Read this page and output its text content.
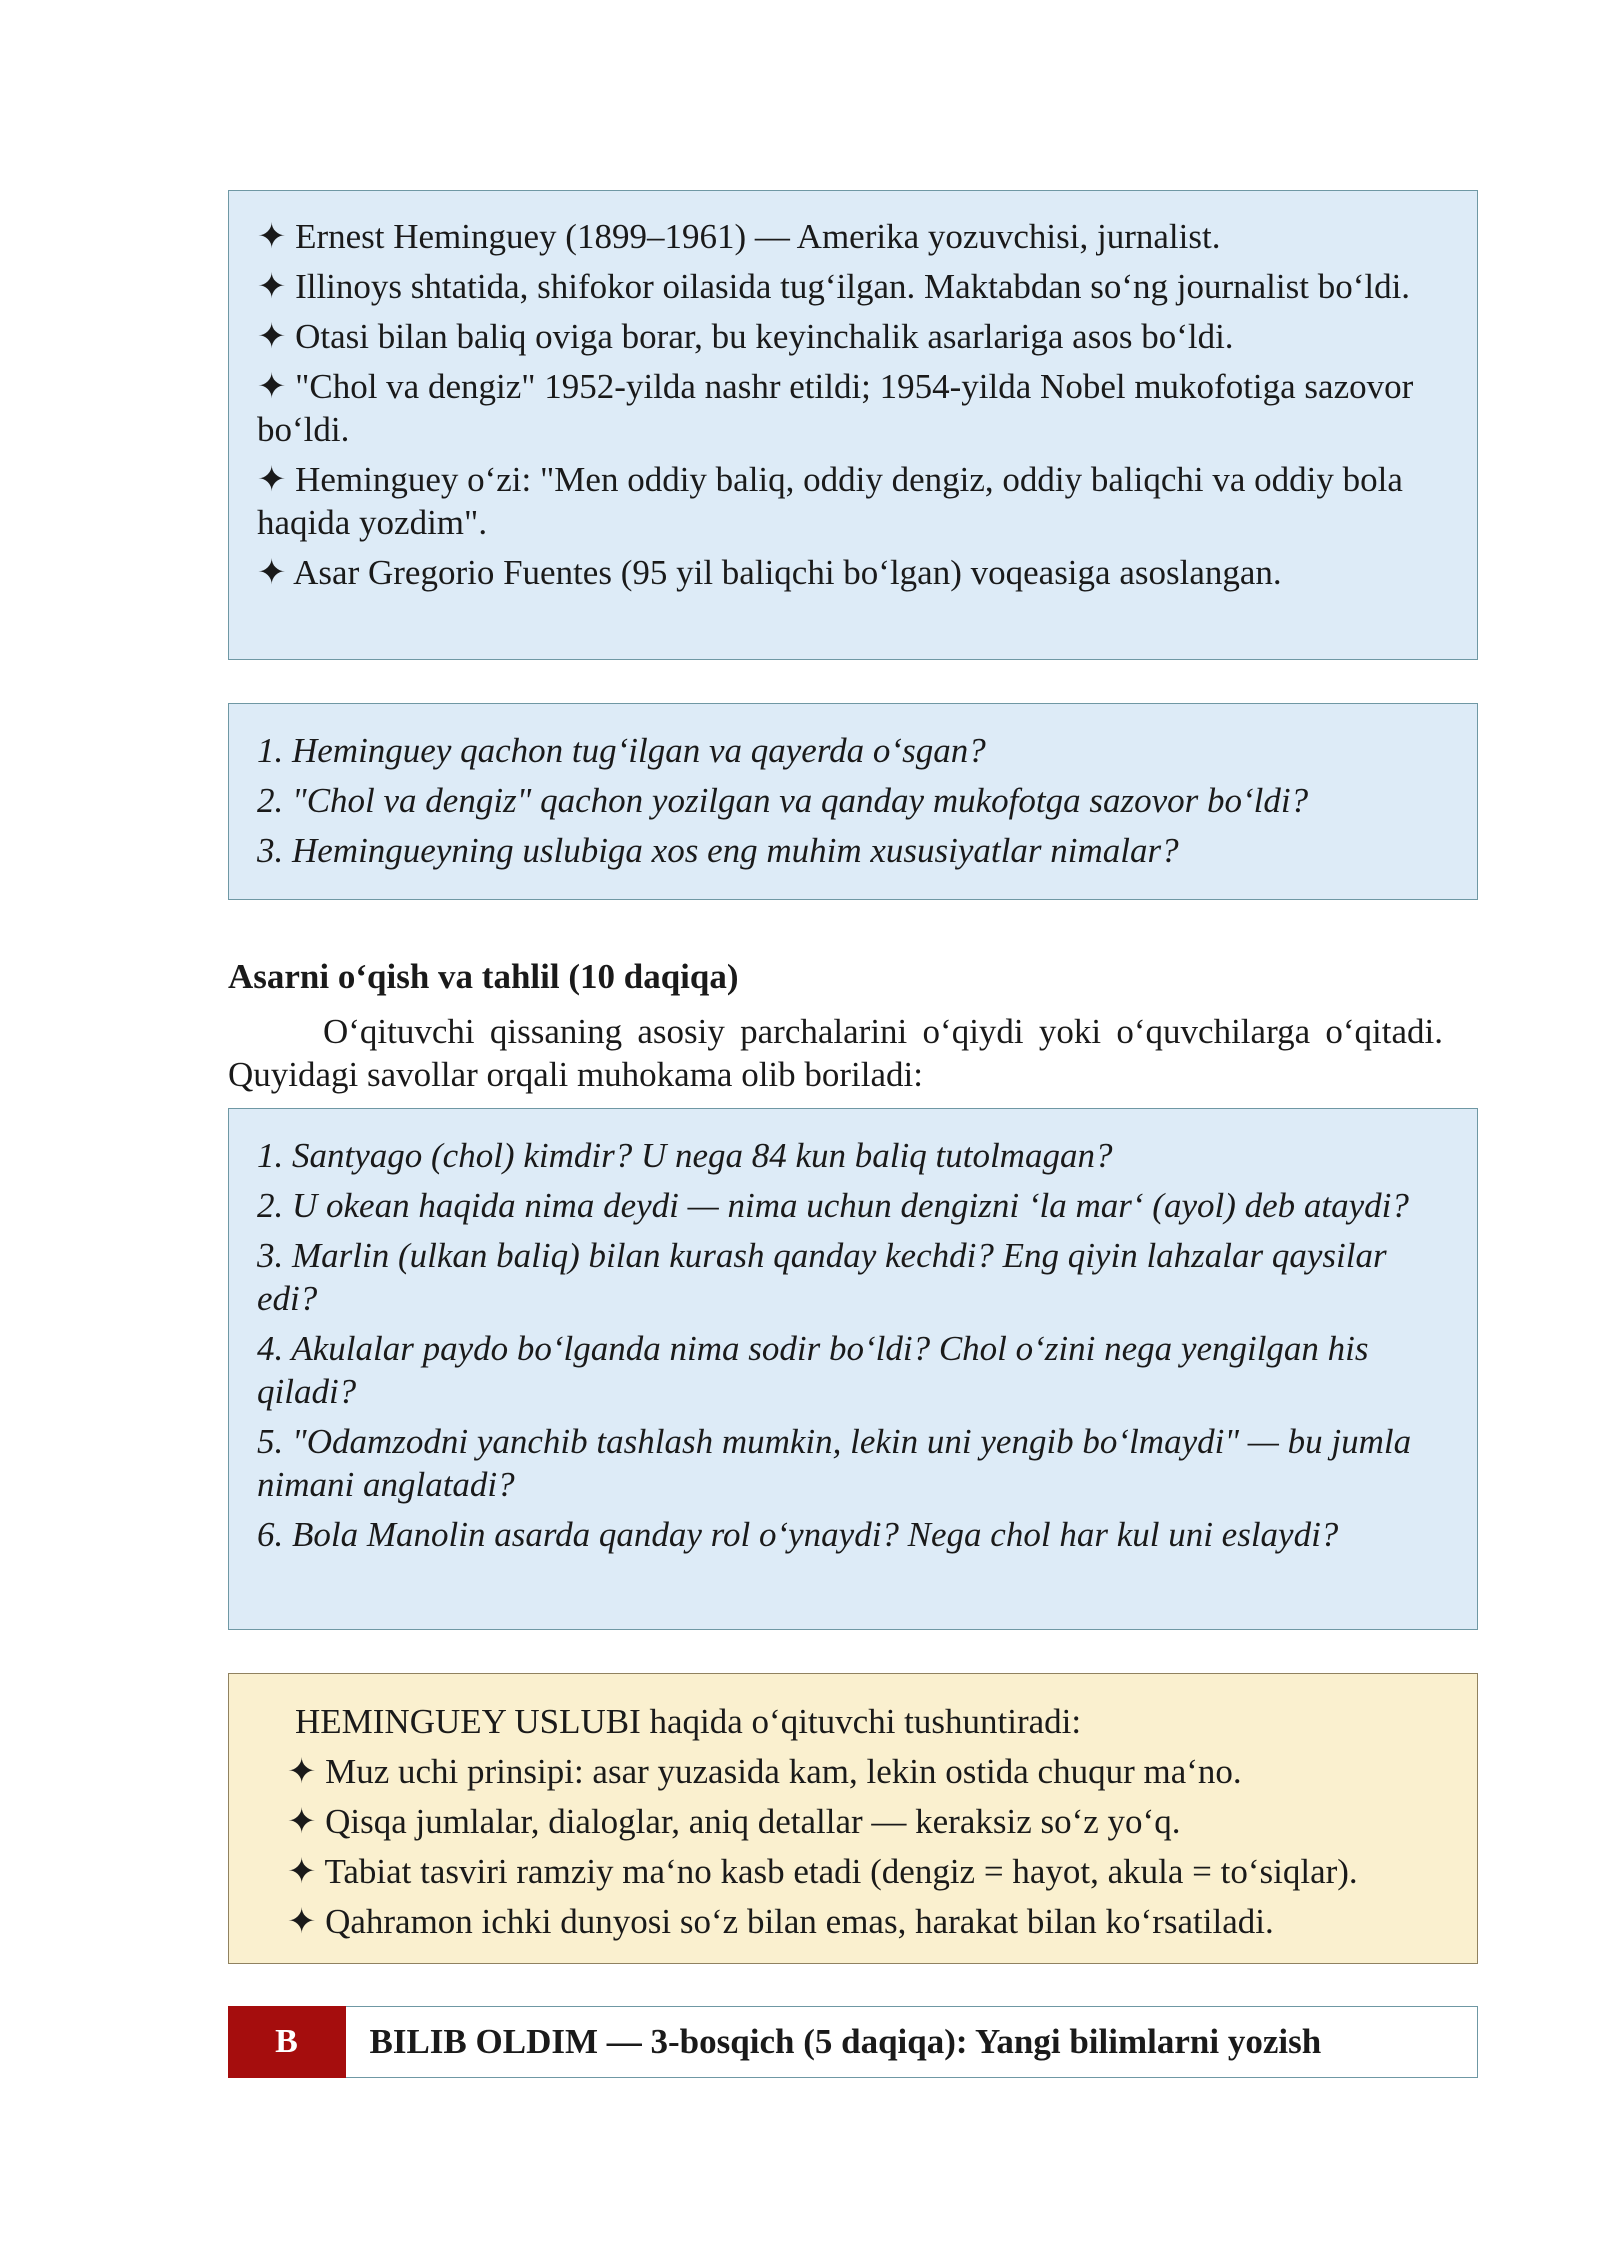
✦ Ernest Heminguey (1899–1961) — Amerika yozuvchisi, jurnalist.

✦ Illinoys shtatida, shifokor oilasida tugʻilgan. Maktabdan soʻng journalist boʻldi.

✦ Otasi bilan baliq oviga borar, bu keyinchalik asarlariga asos boʻldi.

✦ "Chol va dengiz" 1952-yilda nashr etildi; 1954-yilda Nobel mukofotiga sazovor boʻldi.

✦ Heminguey oʻzi: "Men oddiy baliq, oddiy dengiz, oddiy baliqchi va oddiy bola haqida yozdim".

✦ Asar Gregorio Fuentes (95 yil baliqchi boʻlgan) voqeasiga asoslangan.

1. Heminguey qachon tugʻilgan va qayerda oʻsgan?

2. "Chol va dengiz" qachon yozilgan va qanday mukofotga sazovor boʻldi?

3. Hemingueyning uslubiga xos eng muhim xususiyatlar nimalar?

Asarni oʻqish va tahlil (10 daqiqa)

Oʻqituvchi qissaning asosiy parchalarini oʻqiydi yoki oʻquvchilarga oʻqitadi. Quyidagi savollar orqali muhokama olib boriladi:

1. Santyago (chol) kimdir? U nega 84 kun baliq tutolmagan?

2. U okean haqida nima deydi — nima uchun dengizni ‘la mar‘ (ayol) deb ataydi?

3. Marlin (ulkan baliq) bilan kurash qanday kechdi? Eng qiyin lahzalar qaysilar edi?

4. Akulalar paydo boʻlganda nima sodir boʻldi? Chol oʻzini nega yengilgan his qiladi?

5. "Odamzodni yanchib tashlash mumkin, lekin uni yengib boʻlmaydi" — bu jumla nimani anglatadi?

6. Bola Manolin asarda qanday rol oʻynaydi? Nega chol har kul uni eslaydi?

HEMINGUEY USLUBI haqida oʻqituvchi tushuntiradi:

✦ Muz uchi prinsipi: asar yuzasida kam, lekin ostida chuqur maʻno.

✦ Qisqa jumlalar, dialoglar, aniq detallar — keraksiz soʻz yoʻq.

✦ Tabiat tasviri ramziy maʻno kasb etadi (dengiz = hayot, akula = toʻsiqlar).

✦ Qahramon ichki dunyosi soʻz bilan emas, harakat bilan koʻrsatiladi.

B	BILIB OLDIM — 3-bosqich (5 daqiqa): Yangi bilimlarni yozish
